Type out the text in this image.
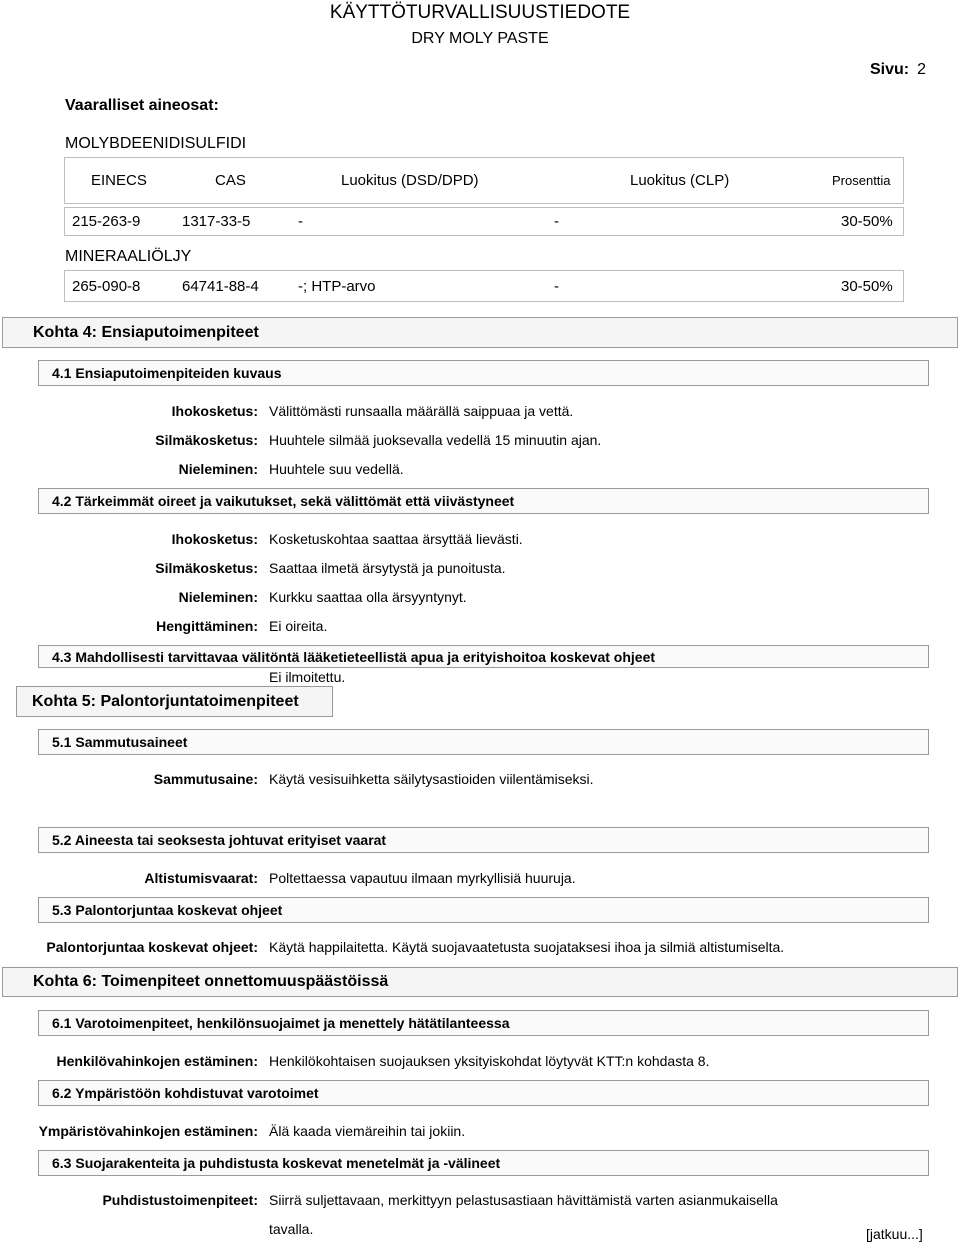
KÄYTTÖTURVALLISUUSTIEDOTE
DRY MOLY PASTE
Sivu: 2
Vaaralliset aineosat:
MOLYBDEENIDISULFIDI
EINECS	CAS	Luokitus (DSD/DPD)	Luokitus (CLP)	Prosenttia
215-263-9	1317-33-5	-	-	30-50%
MINERAALIÖLJY
265-090-8	64741-88-4	-; HTP-arvo	-	30-50%
Kohta 4: Ensiaputoimenpiteet
4.1 Ensiaputoimenpiteiden kuvaus
Ihokosketus: Välittömästi runsaalla määrällä saippuaa ja vettä.
Silmäkosketus: Huuhtele silmää juoksevalla vedellä 15 minuutin ajan.
Nieleminen: Huuhtele suu vedellä.
4.2 Tärkeimmät oireet ja vaikutukset, sekä välittömät että viivästyneet
Ihokosketus: Kosketuskohtaa saattaa ärsyttää lievästi.
Silmäkosketus: Saattaa ilmetä ärsytystä ja punoitusta.
Nieleminen: Kurkku saattaa olla ärsyyntynyt.
Hengittäminen: Ei oireita.
4.3 Mahdollisesti tarvittavaa välitöntä lääketieteellistä apua ja erityishoitoa koskevat ohjeet
Ei ilmoitettu.
Kohta 5: Palontorjuntatoimenpiteet
5.1 Sammutusaineet
Sammutusaine: Käytä vesisuihketta säilytysastioiden viilentämiseksi.
5.2 Aineesta tai seoksesta johtuvat erityiset vaarat
Altistumisvaarat: Poltettaessa vapautuu ilmaan myrkyllisiä huuruja.
5.3 Palontorjuntaa koskevat ohjeet
Palontorjuntaa koskevat ohjeet: Käytä happilaitetta. Käytä suojavaatetusta suojataksesi ihoa ja silmiä altistumiselta.
Kohta 6: Toimenpiteet onnettomuuspäästöissä
6.1 Varotoimenpiteet, henkilönsuojaimet ja menettely hätätilanteessa
Henkilövahinkojen estäminen: Henkilökohtaisen suojauksen yksityiskohdat löytyvät KTT:n kohdasta 8.
6.2 Ympäristöön kohdistuvat varotoimet
Ympäristövahinkojen estäminen: Älä kaada viemäreihin tai jokiin.
6.3 Suojarakenteita ja puhdistusta koskevat menetelmät ja -välineet
Puhdistustoimenpiteet: Siirrä suljettavaan, merkittyyn pelastusastiaan hävittämistä varten asianmukaisella
tavalla.	[jatkuu...]
